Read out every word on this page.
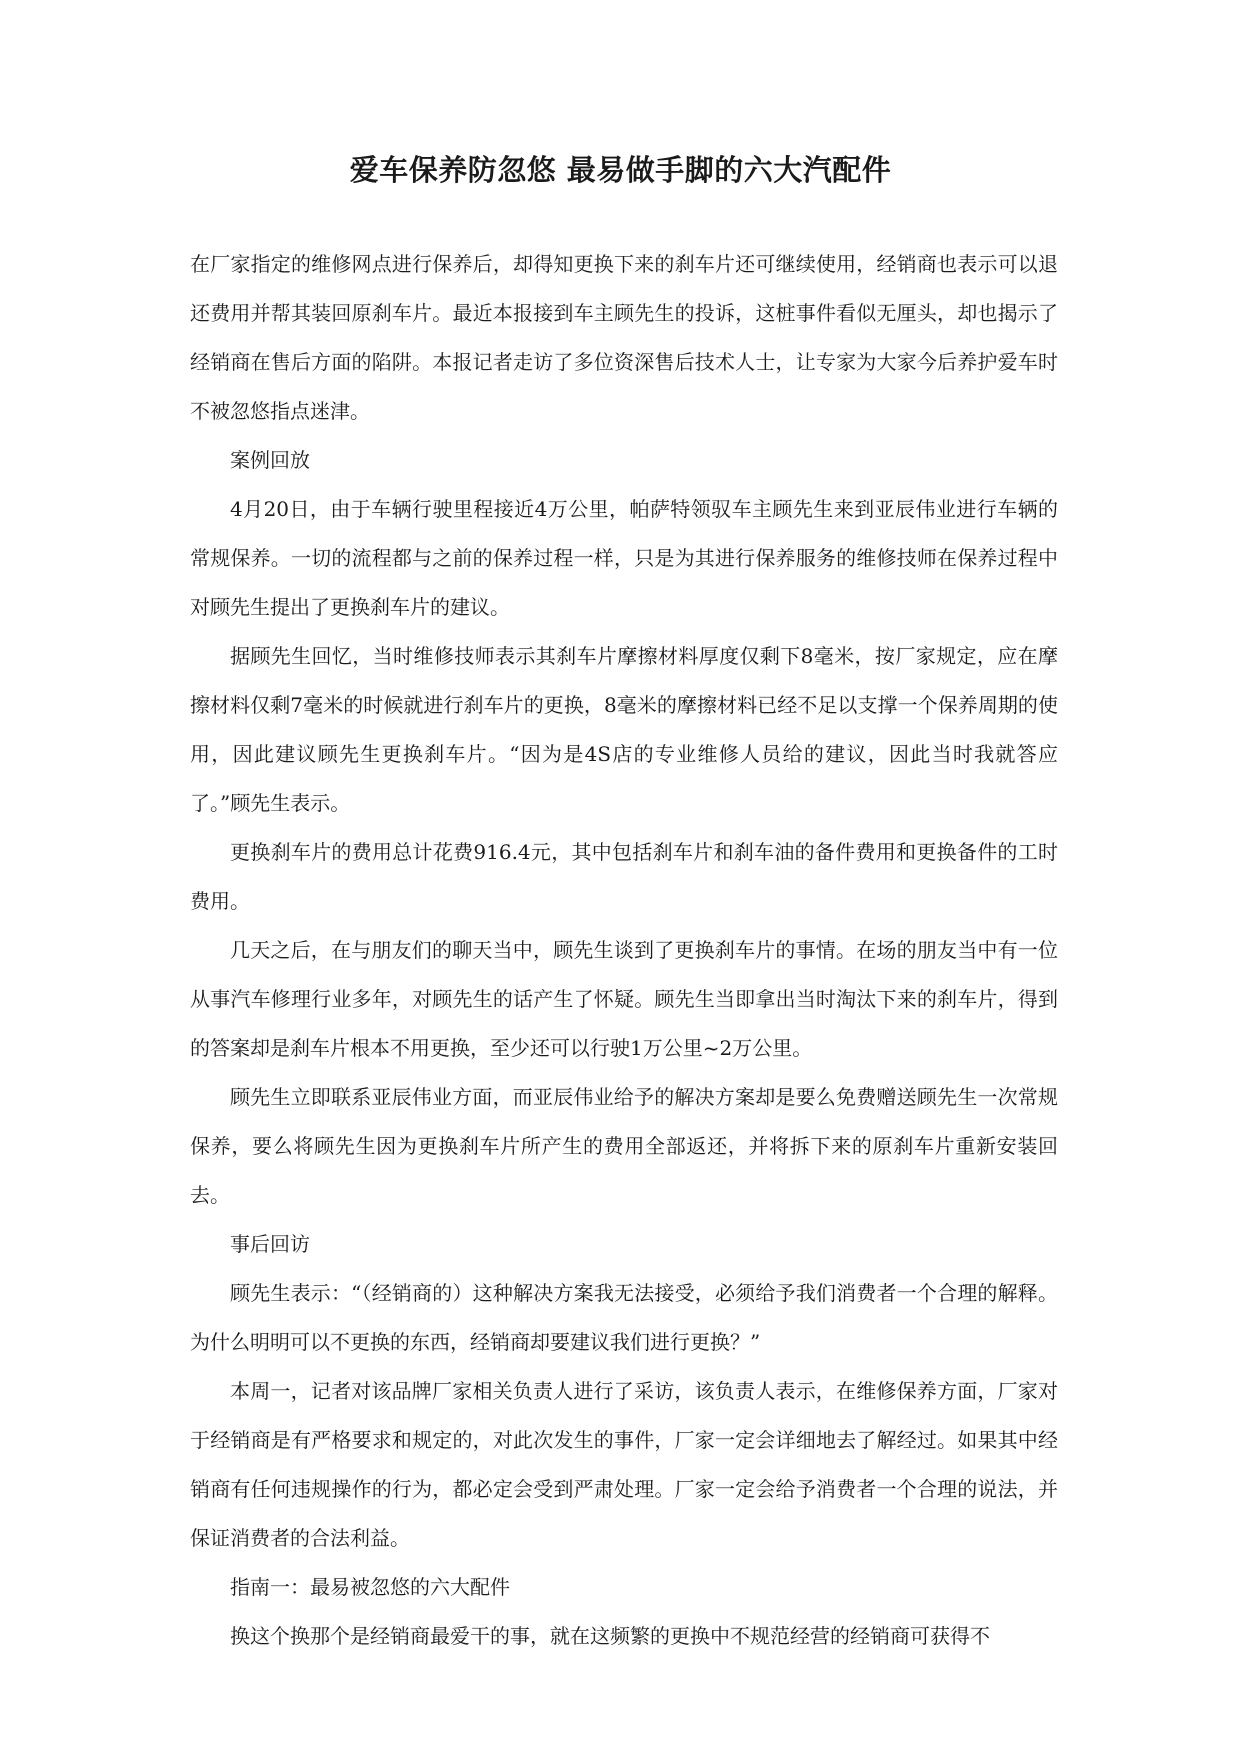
爱车保养防忽悠 最易做手脚的六大汽配件

在厂家指定的维修网点进行保养后，却得知更换下来的刹车片还可继续使用，经销商也表示可以退还费用并帮其装回原刹车片。最近本报接到车主顾先生的投诉，这桩事件看似无厘头，却也揭示了经销商在售后方面的陷阱。本报记者走访了多位资深售后技术人士，让专家为大家今后养护爱车时不被忽悠指点迷津。

案例回放

4月20日，由于车辆行驶里程接近4万公里，帕萨特领驭车主顾先生来到亚辰伟业进行车辆的常规保养。一切的流程都与之前的保养过程一样，只是为其进行保养服务的维修技师在保养过程中对顾先生提出了更换刹车片的建议。

据顾先生回忆，当时维修技师表示其刹车片摩擦材料厚度仅剩下8毫米，按厂家规定，应在摩擦材料仅剩7毫米的时候就进行刹车片的更换，8毫米的摩擦材料已经不足以支撑一个保养周期的使用，因此建议顾先生更换刹车片。“因为是4S店的专业维修人员给的建议，因此当时我就答应了。”顾先生表示。

更换刹车片的费用总计花费916.4元，其中包括刹车片和刹车油的备件费用和更换备件的工时费用。

几天之后，在与朋友们的聊天当中，顾先生谈到了更换刹车片的事情。在场的朋友当中有一位从事汽车修理行业多年，对顾先生的话产生了怀疑。顾先生当即拿出当时淘汰下来的刹车片，得到的答案却是刹车片根本不用更换，至少还可以行驶1万公里~2万公里。

顾先生立即联系亚辰伟业方面，而亚辰伟业给予的解决方案却是要么免费赠送顾先生一次常规保养，要么将顾先生因为更换刹车片所产生的费用全部返还，并将拆下来的原刹车片重新安装回去。

事后回访

顾先生表示：“（经销商的）这种解决方案我无法接受，必须给予我们消费者一个合理的解释。为什么明明可以不更换的东西，经销商却要建议我们进行更换？”

本周一，记者对该品牌厂家相关负责人进行了采访，该负责人表示，在维修保养方面，厂家对于经销商是有严格要求和规定的，对此次发生的事件，厂家一定会详细地去了解经过。如果其中经销商有任何违规操作的行为，都必定会受到严肃处理。厂家一定会给予消费者一个合理的说法，并保证消费者的合法利益。

指南一：最易被忽悠的六大配件

换这个换那个是经销商最爱干的事，就在这频繁的更换中不规范经营的经销商可获得不
